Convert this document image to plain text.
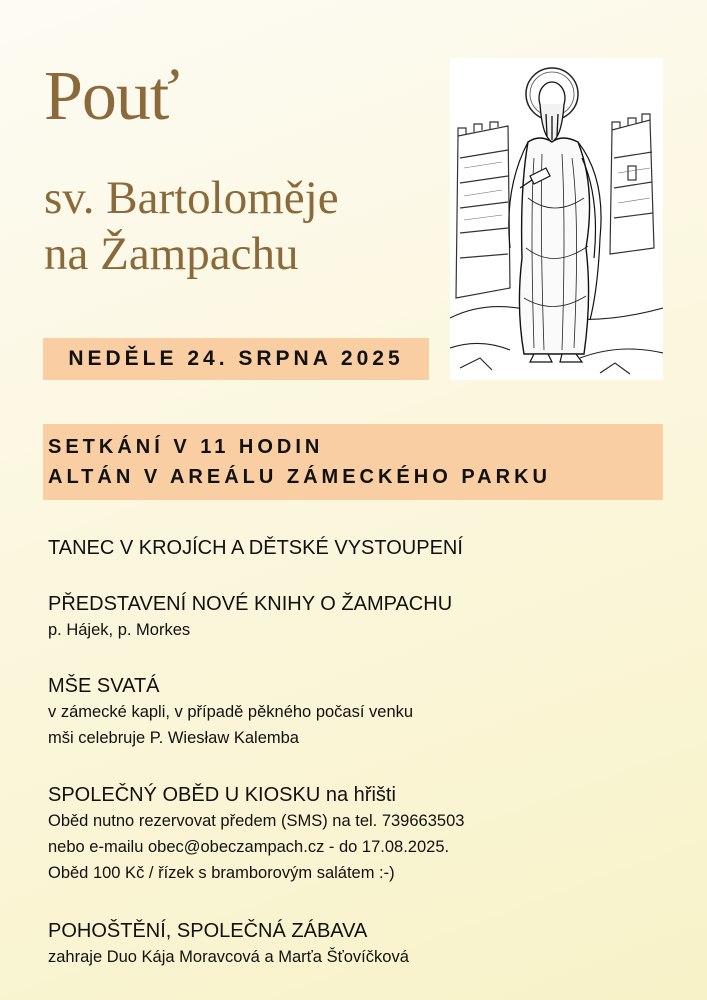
Pouť
sv. Bartoloměje
na Žampachu
NEDĚLE 24. SRPNA 2025
SETKÁNÍ V 11 HODIN
ALTÁN V AREÁLU ZÁMECKÉHO PARKU
TANEC V KROJÍCH A DĚTSKÉ VYSTOUPENÍ
PŘEDSTAVENÍ NOVÉ KNIHY O ŽAMPACHU
p. Hájek, p. Morkes
MŠE SVATÁ
v zámecké kapli, v případě pěkného počasí venku
mši celebruje P. Wiesław Kalemba
SPOLEČNÝ OBĚD U KIOSKU na hřišti
Oběd nutno rezervovat předem (SMS) na tel. 739663503
nebo e-mailu obec@obeczampach.cz - do 17.08.2025.
Oběd 100 Kč / řízek s bramborovým salátem :-)
POHOŠTĚNÍ, SPOLEČNÁ ZÁBAVA
zahraje Duo Kája Moravcová a Marťa Šťovíčková
